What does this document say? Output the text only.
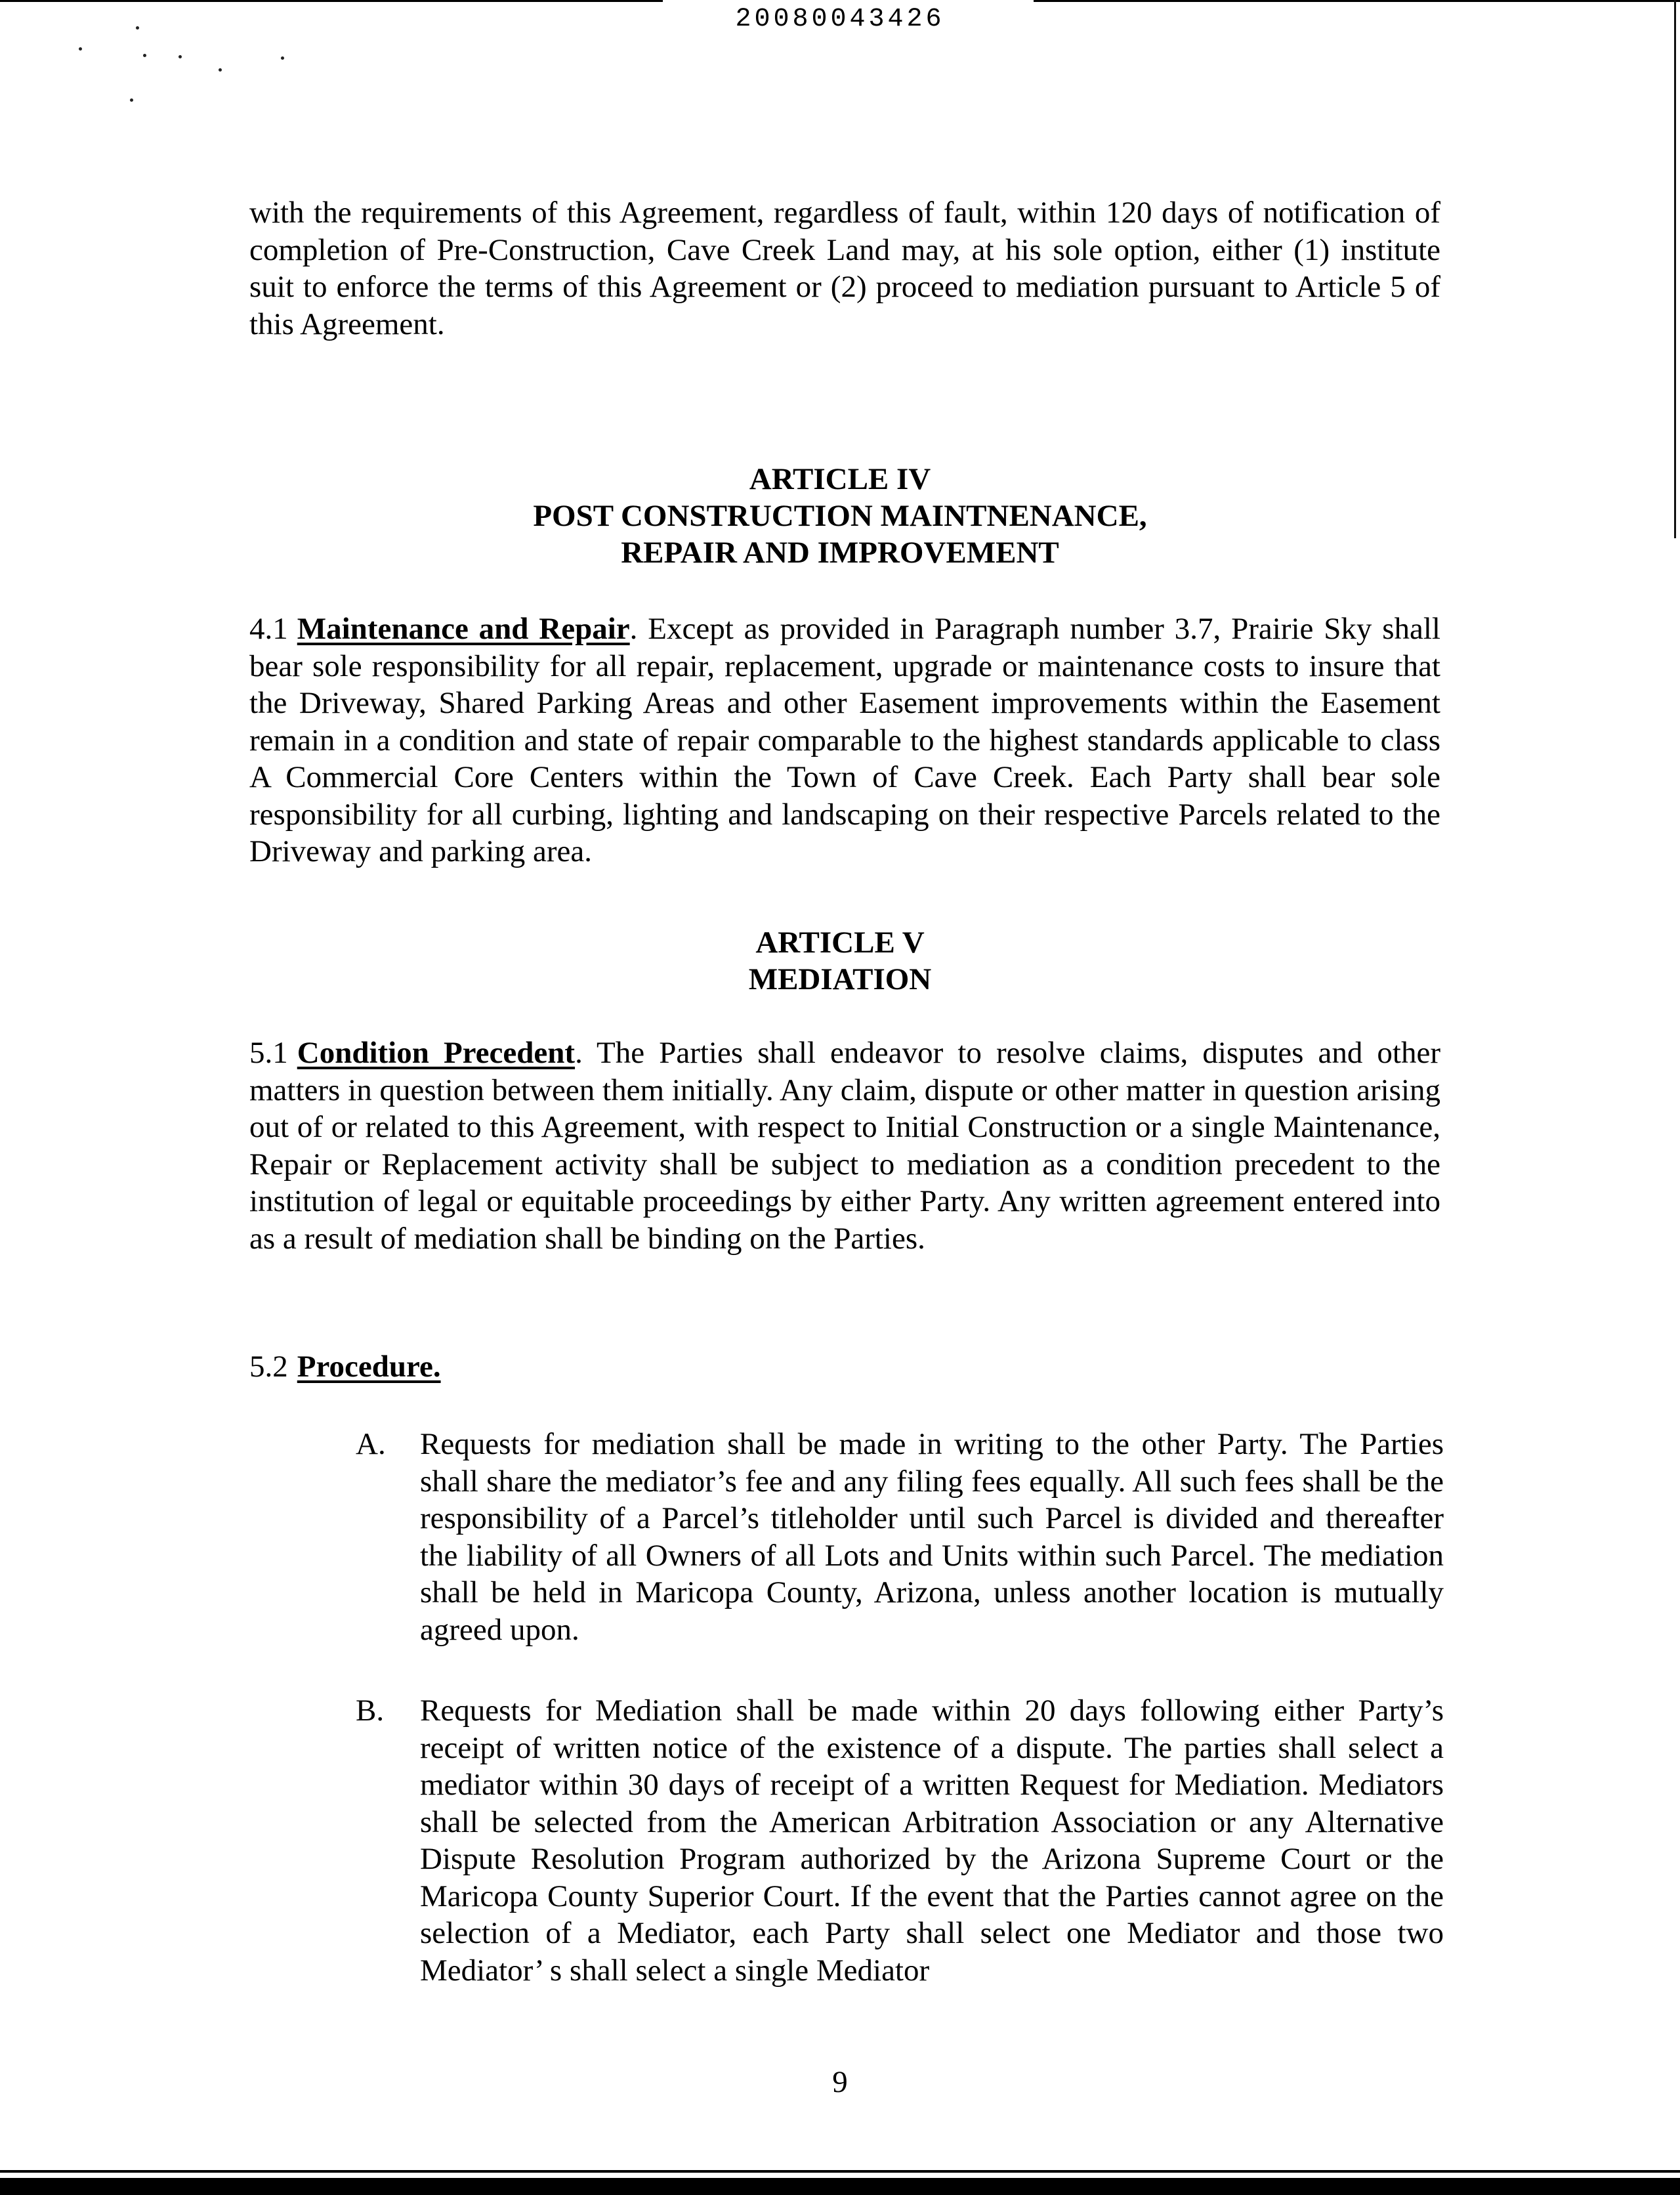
20080043426
with the requirements of this Agreement, regardless of fault, within 120 days of notification of completion of Pre-Construction, Cave Creek Land may, at his sole option, either (1) institute suit to enforce the terms of this Agreement or (2) proceed to mediation pursuant to Article 5 of this Agreement.
ARTICLE IV
POST CONSTRUCTION MAINTNENANCE,
REPAIR AND IMPROVEMENT
4.1 Maintenance and Repair. Except as provided in Paragraph number 3.7, Prairie Sky shall bear sole responsibility for all repair, replacement, upgrade or maintenance costs to insure that the Driveway, Shared Parking Areas and other Easement improvements within the Easement remain in a condition and state of repair comparable to the highest standards applicable to class A Commercial Core Centers within the Town of Cave Creek. Each Party shall bear sole responsibility for all curbing, lighting and landscaping on their respective Parcels related to the Driveway and parking area.
ARTICLE V
MEDIATION
5.1 Condition Precedent. The Parties shall endeavor to resolve claims, disputes and other matters in question between them initially. Any claim, dispute or other matter in question arising out of or related to this Agreement, with respect to Initial Construction or a single Maintenance, Repair or Replacement activity shall be subject to mediation as a condition precedent to the institution of legal or equitable proceedings by either Party. Any written agreement entered into as a result of mediation shall be binding on the Parties.
5.2 Procedure.
A. Requests for mediation shall be made in writing to the other Party. The Parties shall share the mediator’s fee and any filing fees equally. All such fees shall be the responsibility of a Parcel’s titleholder until such Parcel is divided and thereafter the liability of all Owners of all Lots and Units within such Parcel. The mediation shall be held in Maricopa County, Arizona, unless another location is mutually agreed upon.
B. Requests for Mediation shall be made within 20 days following either Party’s receipt of written notice of the existence of a dispute. The parties shall select a mediator within 30 days of receipt of a written Request for Mediation. Mediators shall be selected from the American Arbitration Association or any Alternative Dispute Resolution Program authorized by the Arizona Supreme Court or the Maricopa County Superior Court. If the event that the Parties cannot agree on the selection of a Mediator, each Party shall select one Mediator and those two Mediator’ s shall select a single Mediator
9
